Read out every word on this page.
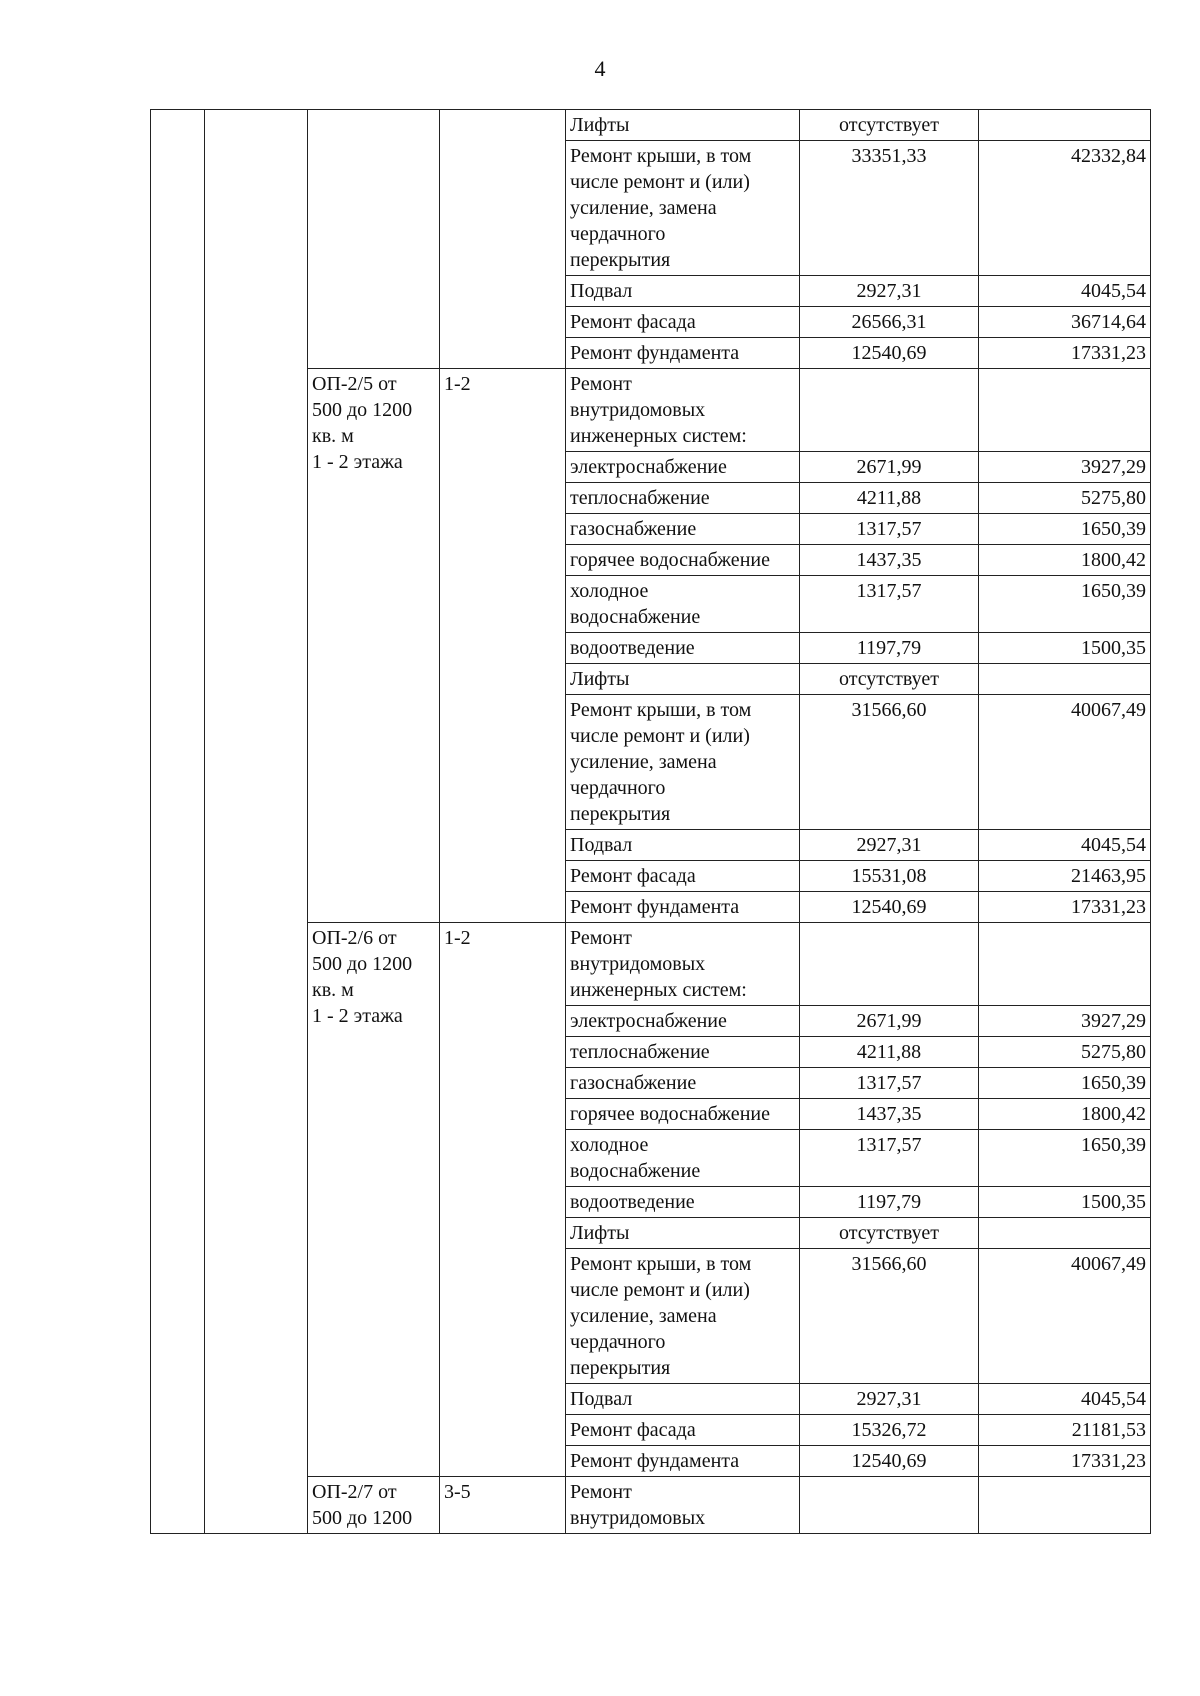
4
				Лифты	отсутствует	
				Ремонт крыши, в том
числе ремонт и (или)
усиление, замена
чердачного
перекрытия	33351,33	42332,84
				Подвал	2927,31	4045,54
				Ремонт фасада	26566,31	36714,64
				Ремонт фундамента	12540,69	17331,23
		ОП-2/5 от
500 до 1200
кв. м
1 - 2 этажа	1-2	Ремонт
внутридомовых
инженерных систем:		
				электроснабжение	2671,99	3927,29
				теплоснабжение	4211,88	5275,80
				газоснабжение	1317,57	1650,39
				горячее водоснабжение	1437,35	1800,42
				холодное
водоснабжение	1317,57	1650,39
				водоотведение	1197,79	1500,35
				Лифты	отсутствует	
				Ремонт крыши, в том
числе ремонт и (или)
усиление, замена
чердачного
перекрытия	31566,60	40067,49
				Подвал	2927,31	4045,54
				Ремонт фасада	15531,08	21463,95
				Ремонт фундамента	12540,69	17331,23
		ОП-2/6 от
500 до 1200
кв. м
1 - 2 этажа	1-2	Ремонт
внутридомовых
инженерных систем:		
				электроснабжение	2671,99	3927,29
				теплоснабжение	4211,88	5275,80
				газоснабжение	1317,57	1650,39
				горячее водоснабжение	1437,35	1800,42
				холодное
водоснабжение	1317,57	1650,39
				водоотведение	1197,79	1500,35
				Лифты	отсутствует	
				Ремонт крыши, в том
числе ремонт и (или)
усиление, замена
чердачного
перекрытия	31566,60	40067,49
				Подвал	2927,31	4045,54
				Ремонт фасада	15326,72	21181,53
				Ремонт фундамента	12540,69	17331,23
		ОП-2/7 от
500 до 1200	3-5	Ремонт
внутридомовых		
